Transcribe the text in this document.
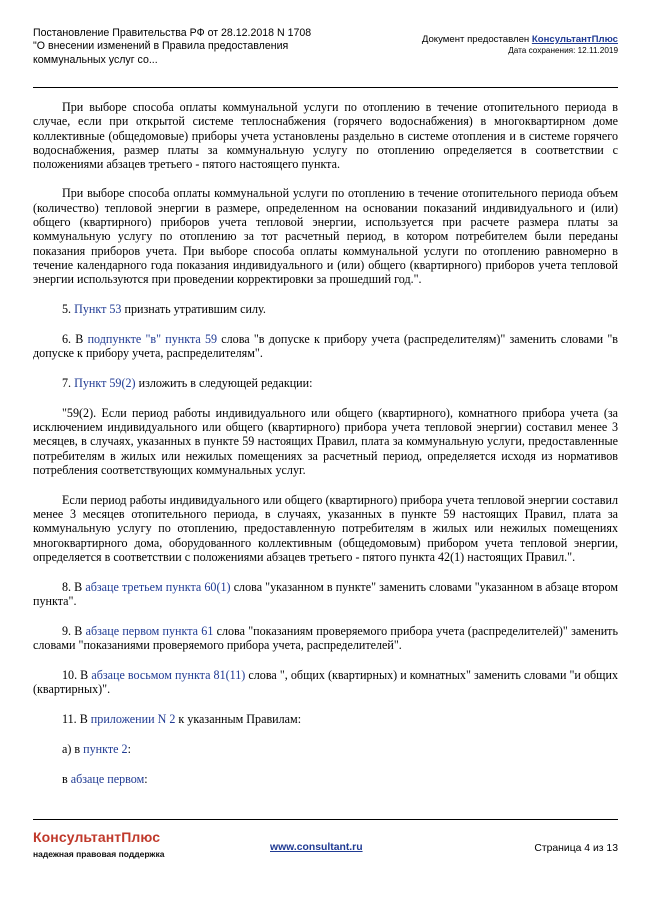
Постановление Правительства РФ от 28.12.2018 N 1708
"О внесении изменений в Правила предоставления
коммунальных услуг со...
Документ предоставлен КонсультантПлюс
Дата сохранения: 12.11.2019

При выборе способа оплаты коммунальной услуги по отоплению в течение отопительного периода в случае, если при открытой системе теплоснабжения (горячего водоснабжения) в многоквартирном доме коллективные (общедомовые) приборы учета установлены раздельно в системе отопления и в системе горячего водоснабжения, размер платы за коммунальную услугу по отоплению определяется в соответствии с положениями абзацев третьего - пятого настоящего пункта.

При выборе способа оплаты коммунальной услуги по отоплению в течение отопительного периода объем (количество) тепловой энергии в размере, определенном на основании показаний индивидуального и (или) общего (квартирного) приборов учета тепловой энергии, используется при расчете размера платы за коммунальную услугу по отоплению за тот расчетный период, в котором потребителем были переданы показания приборов учета. При выборе способа оплаты коммунальной услуги по отоплению равномерно в течение календарного года показания индивидуального и (или) общего (квартирного) приборов учета тепловой энергии используются при проведении корректировки за прошедший год.".

5. Пункт 53 признать утратившим силу.

6. В подпункте "в" пункта 59 слова "в допуске к прибору учета (распределителям)" заменить словами "в допуске к прибору учета, распределителям".

7. Пункт 59(2) изложить в следующей редакции:

"59(2). Если период работы индивидуального или общего (квартирного), комнатного прибора учета (за исключением индивидуального или общего (квартирного) прибора учета тепловой энергии) составил менее 3 месяцев, в случаях, указанных в пункте 59 настоящих Правил, плата за коммунальную услуги, предоставленные потребителям в жилых или нежилых помещениях за расчетный период, определяется исходя из нормативов потребления соответствующих коммунальных услуг.

Если период работы индивидуального или общего (квартирного) прибора учета тепловой энергии составил менее 3 месяцев отопительного периода, в случаях, указанных в пункте 59 настоящих Правил, плата за коммунальную услугу по отоплению, предоставленную потребителям в жилых или нежилых помещениях многоквартирного дома, оборудованного коллективным (общедомовым) прибором учета тепловой энергии, определяется в соответствии с положениями абзацев третьего - пятого пункта 42(1) настоящих Правил.".

8. В абзаце третьем пункта 60(1) слова "указанном в пункте" заменить словами "указанном в абзаце втором пункта".

9. В абзаце первом пункта 61 слова "показаниям проверяемого прибора учета (распределителей)" заменить словами "показаниями проверяемого прибора учета, распределителей".

10. В абзаце восьмом пункта 81(11) слова ", общих (квартирных) и комнатных" заменить словами "и общих (квартирных)".

11. В приложении N 2 к указанным Правилам:

а) в пункте 2:

в абзаце первом:

КонсультантПлюс
надежная правовая поддержка
www.consultant.ru	Страница 4 из 13
